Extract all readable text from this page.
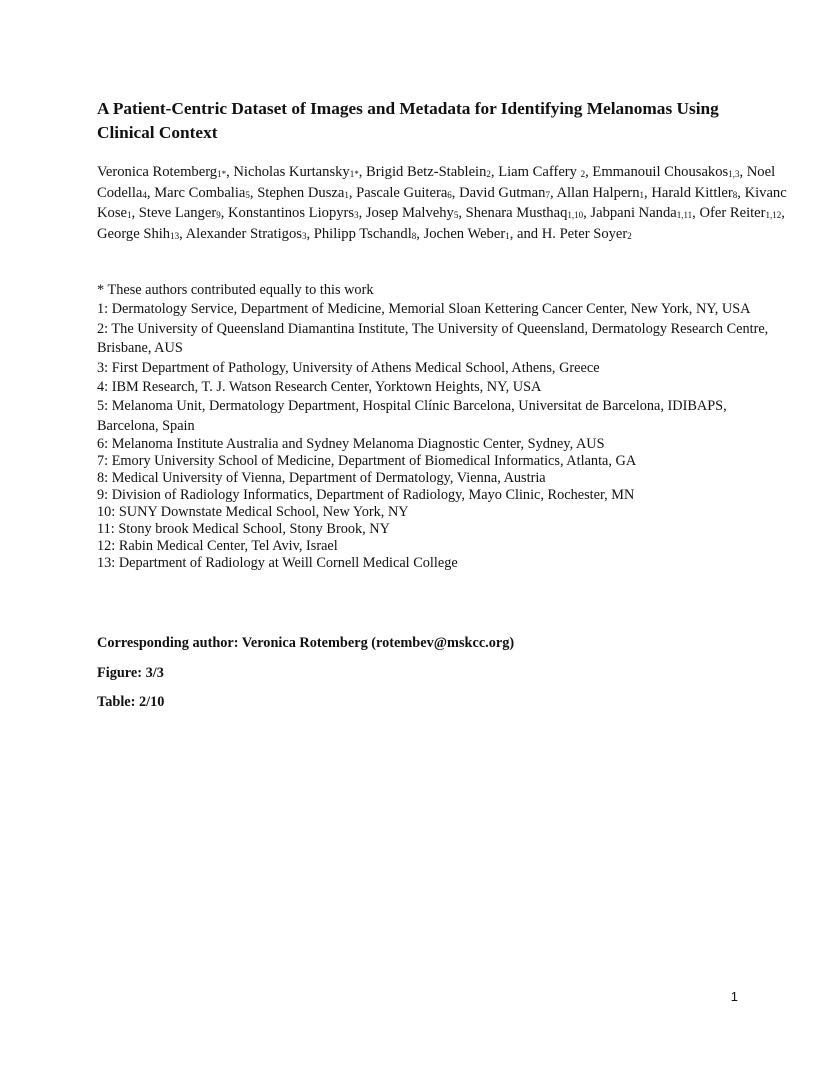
A Patient-Centric Dataset of Images and Metadata for Identifying Melanomas Using Clinical Context
Veronica Rotemberg$_{1*}$, Nicholas Kurtansky$_{1*}$, Brigid Betz-Stablein$_2$, Liam Caffery $_2$, Emmanouil Chousakos$_{1,3}$, Noel Codella$_4$, Marc Combalia$_5$, Stephen Dusza$_1$, Pascale Guitera$_6$, David Gutman$_7$, Allan Halpern$_1$, Harald Kittler$_8$, Kivanc Kose$_1$, Steve Langer$_9$, Konstantinos Liopyrs$_3$, Josep Malvehy$_5$, Shenara Musthaq$_{1,10}$, Jabpani Nanda$_{1,11}$, Ofer Reiter$_{1,12}$, George Shih$_{13}$, Alexander Stratigos$_3$, Philipp Tschandl$_8$, Jochen Weber$_1$, and H. Peter Soyer$_2$
* These authors contributed equally to this work
1: Dermatology Service, Department of Medicine, Memorial Sloan Kettering Cancer Center, New York, NY, USA
2: The University of Queensland Diamantina Institute, The University of Queensland, Dermatology Research Centre, Brisbane, AUS
3: First Department of Pathology, University of Athens Medical School, Athens, Greece
4: IBM Research, T. J. Watson Research Center, Yorktown Heights, NY, USA
5: Melanoma Unit, Dermatology Department, Hospital Clínic Barcelona, Universitat de Barcelona, IDIBAPS, Barcelona, Spain
6: Melanoma Institute Australia and Sydney Melanoma Diagnostic Center, Sydney, AUS
7: Emory University School of Medicine, Department of Biomedical Informatics, Atlanta, GA
8: Medical University of Vienna, Department of Dermatology, Vienna, Austria
9: Division of Radiology Informatics, Department of Radiology, Mayo Clinic, Rochester, MN
10: SUNY Downstate Medical School, New York, NY
11: Stony brook Medical School, Stony Brook, NY
12: Rabin Medical Center, Tel Aviv, Israel
13: Department of Radiology at Weill Cornell Medical College
Corresponding author: Veronica Rotemberg (rotembev@mskcc.org)
Figure: 3/3
Table: 2/10
1
